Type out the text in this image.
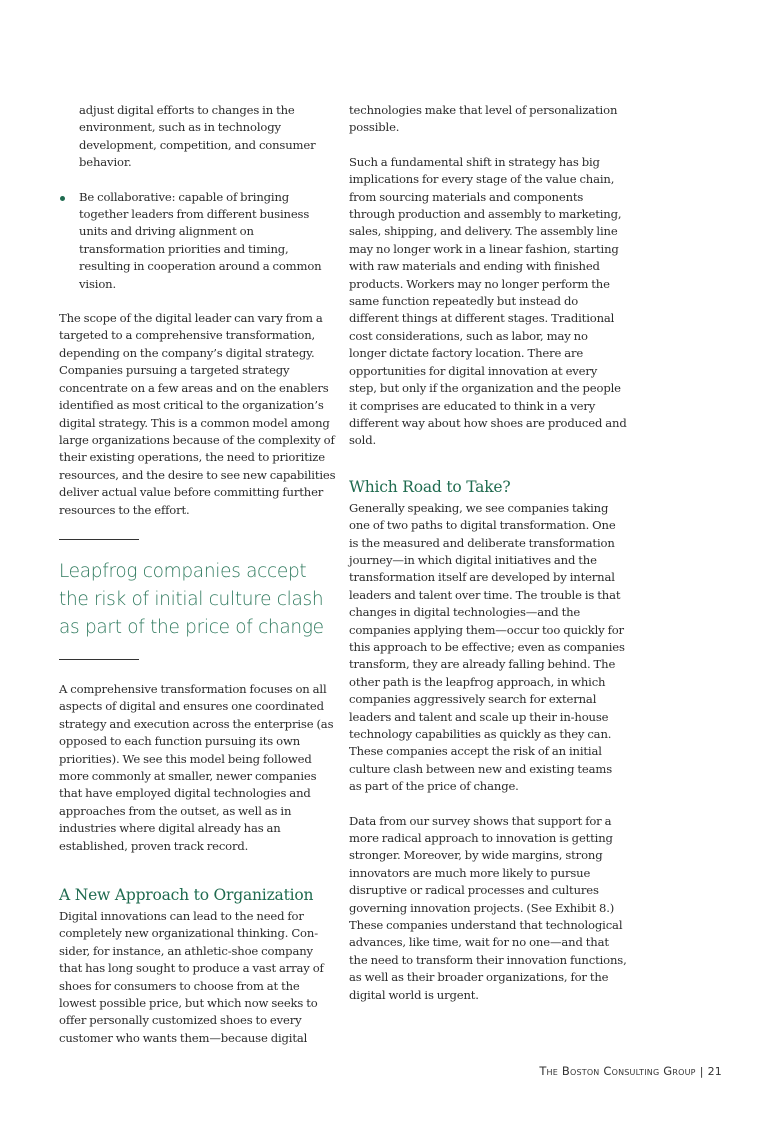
adjust digital efforts to changes in the environment, such as in technology development, competition, and consumer behavior.

Be collaborative: capable of bringing together leaders from different business units and driving alignment on transformation priorities and timing, resulting in cooperation around a common vision.

The scope of the digital leader can vary from a targeted to a comprehensive transformation, depending on the company’s digital strategy. Companies pursuing a targeted strategy concentrate on a few areas and on the enablers identified as most critical to the organization’s digital strategy. This is a common model among large organizations because of the complexity of their existing operations, the need to prioritize resources, and the desire to see new capabilities deliver actual value before committing further resources to the effort.

Leapfrog companies accept the risk of initial culture clash as part of the price of change

A comprehensive transformation focuses on all aspects of digital and ensures one coordinated strategy and execution across the enterprise (as opposed to each function pursuing its own priorities). We see this model being followed more commonly at smaller, newer companies that have employed digital technologies and approaches from the outset, as well as in industries where digital already has an established, proven track record.

A New Approach to Organization

Digital innovations can lead to the need for completely new organizational thinking. Consider, for instance, an athletic-shoe company that has long sought to produce a vast array of shoes for consumers to choose from at the lowest possible price, but which now seeks to offer personally customized shoes to every customer who wants them—because digital

technologies make that level of personalization possible.

Such a fundamental shift in strategy has big implications for every stage of the value chain, from sourcing materials and components through production and assembly to marketing, sales, shipping, and delivery. The assembly line may no longer work in a linear fashion, starting with raw materials and ending with finished products. Workers may no longer perform the same function repeatedly but instead do different things at different stages. Traditional cost considerations, such as labor, may no longer dictate factory location. There are opportunities for digital innovation at every step, but only if the organization and the people it comprises are educated to think in a very different way about how shoes are produced and sold.

Which Road to Take?

Generally speaking, we see companies taking one of two paths to digital transformation. One is the measured and deliberate transformation journey—in which digital initiatives and the transformation itself are developed by internal leaders and talent over time. The trouble is that changes in digital technologies—and the companies applying them—occur too quickly for this approach to be effective; even as companies transform, they are already falling behind. The other path is the leapfrog approach, in which companies aggressively search for external leaders and talent and scale up their in-house technology capabilities as quickly as they can. These companies accept the risk of an initial culture clash between new and existing teams as part of the price of change.

Data from our survey shows that support for a more radical approach to innovation is getting stronger. Moreover, by wide margins, strong innovators are much more likely to pursue disruptive or radical processes and cultures governing innovation projects. (See Exhibit 8.) These companies understand that technological advances, like time, wait for no one—and that the need to transform their innovation functions, as well as their broader organizations, for the digital world is urgent.

The Boston Consulting Group | 21
